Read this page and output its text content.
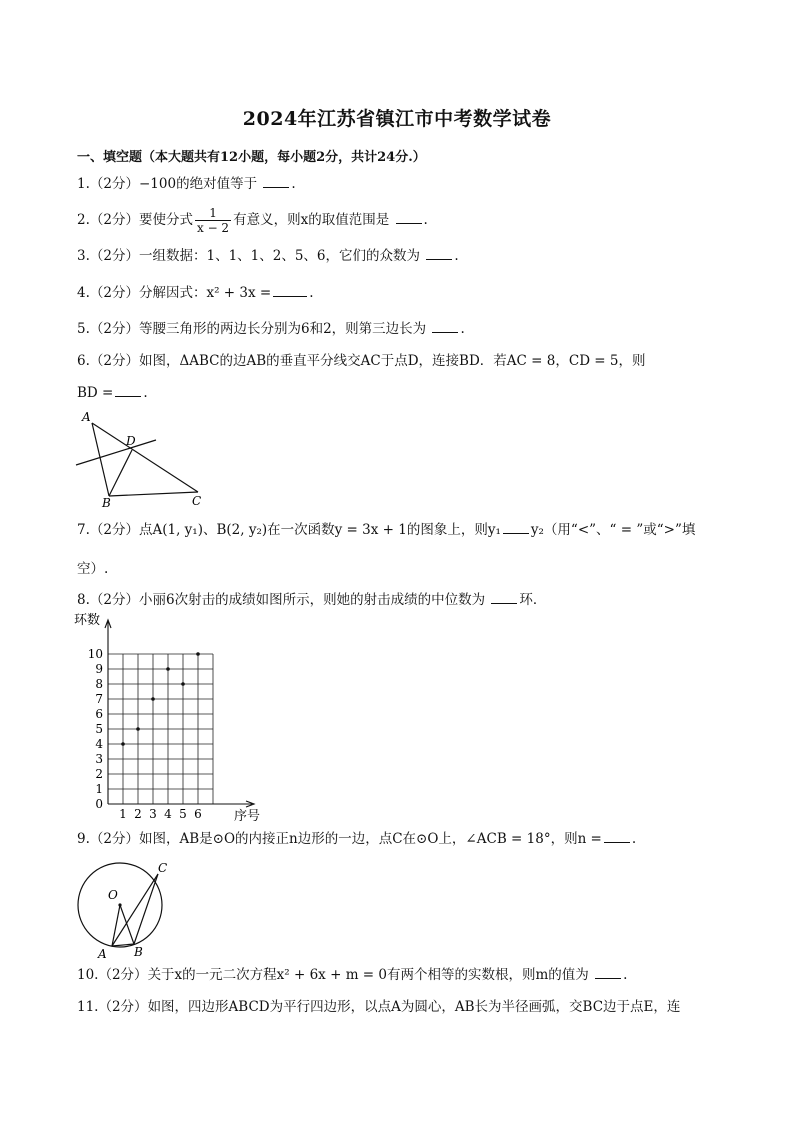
2024年江苏省镇江市中考数学试卷
一、填空题（本大题共有12小题，每小题2分，共计24分.）
1.（2分）−100的绝对值等于	.
2.（2分）要使分式 $\frac{1}{x - 2}$ 有意义，则x的取值范围是	.
3.（2分）一组数据：1、1、1、2、5、6，它们的众数为	.
4.（2分）分解因式：x² + 3x =	.
5.（2分）等腰三角形的两边长分别为6和2，则第三边长为	.
6.（2分）如图，ΔABC的边AB的垂直平分线交AC于点D，连接BD．若AC = 8，CD = 5，则
BD = .
A
D
B	C
7.（2分）点A(1, y₁)、B(2, y₂)在一次函数y = 3x + 1的图象上，则y₁ y₂（用“<”、“ = ”或“>”填
空）.
8.（2分）小丽6次射击的成绩如图所示，则她的射击成绩的中位数为	环．
0
1
2
3
4
5
6
7
8
9
10
1 2 3 4 5 6
环数
序号
9.（2分）如图，AB是⊙O的内接正n边形的一边，点C在⊙O上，∠ACB = 18°，则n = .
O
C
A B
10.（2分）关于x的一元二次方程x² + 6x + m = 0有两个相等的实数根，则m的值为	.
11.（2分）如图，四边形ABCD为平行四边形，以点A为圆心，AB长为半径画弧，交BC边于点E，连
